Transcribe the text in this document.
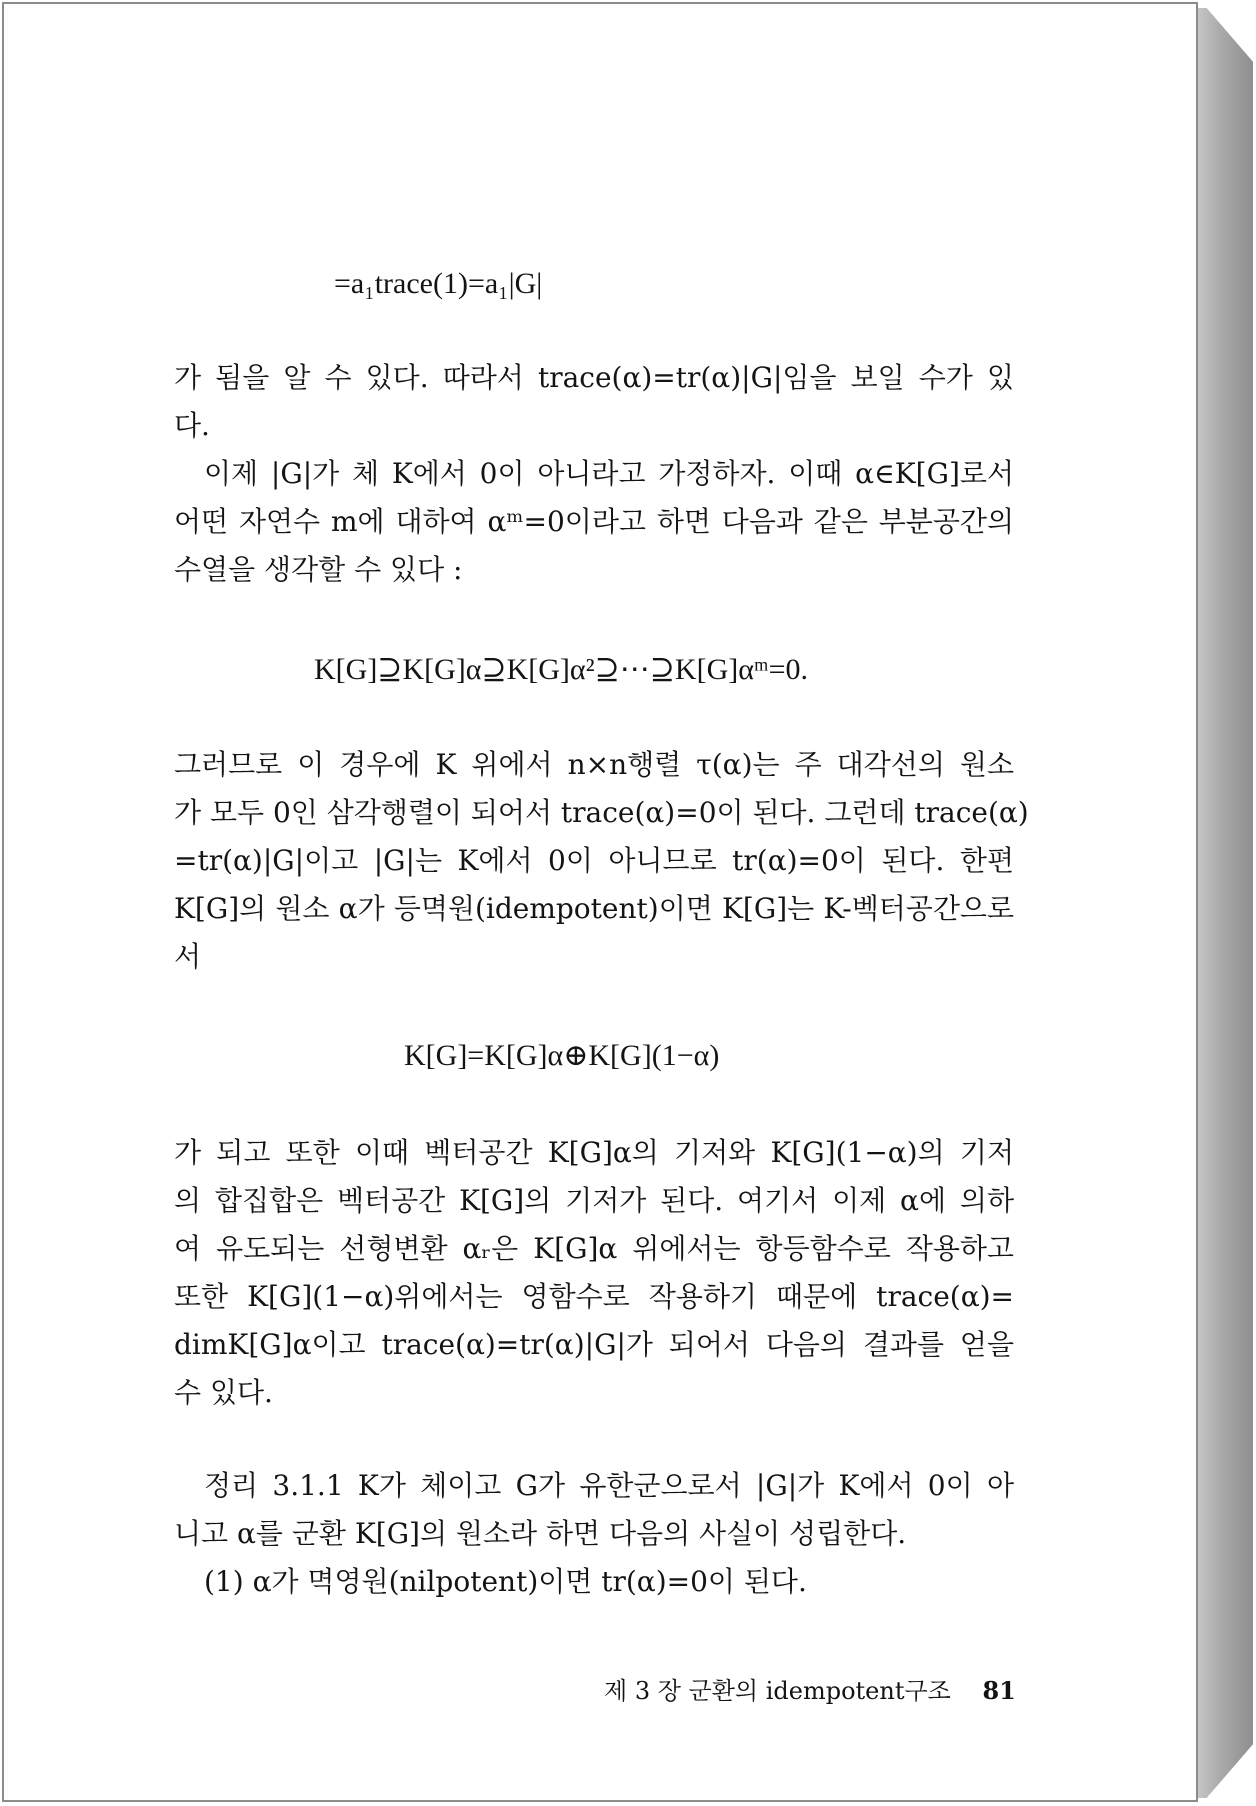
=a₁trace(1)=a₁|G|
가 됨을 알 수 있다. 따라서 trace(α)=tr(α)|G|임을 보일 수가 있
다.
이제 |G|가 체 K에서 0이 아니라고 가정하자. 이때 α∈K[G]로서
어떤 자연수 m에 대하여 αᵐ=0이라고 하면 다음과 같은 부분공간의
수열을 생각할 수 있다 :
그러므로 이 경우에 K 위에서 n×n행렬 τ(α)는 주 대각선의 원소
가 모두 0인 삼각행렬이 되어서 trace(α)=0이 된다. 그런데 trace(α)
=tr(α)|G|이고 |G|는 K에서 0이 아니므로 tr(α)=0이 된다. 한편
K[G]의 원소 α가 등멱원(idempotent)이면 K[G]는 K-벡터공간으로
서
가 되고 또한 이때 벡터공간 K[G]α의 기저와 K[G](1−α)의 기저
의 합집합은 벡터공간 K[G]의 기저가 된다. 여기서 이제 α에 의하
여 유도되는 선형변환 αᵣ은 K[G]α 위에서는 항등함수로 작용하고
또한 K[G](1−α)위에서는 영함수로 작용하기 때문에 trace(α)=
dimK[G]α이고 trace(α)=tr(α)|G|가 되어서 다음의 결과를 얻을
수 있다.
정리 3.1.1 K가 체이고 G가 유한군으로서 |G|가 K에서 0이 아
니고 α를 군환 K[G]의 원소라 하면 다음의 사실이 성립한다.
(1) α가 멱영원(nilpotent)이면 tr(α)=0이 된다.
K[G]⊇K[G]α⊇K[G]α²⊇⋯⊇K[G]αᵐ=0.
K[G]=K[G]α⊕K[G](1−α)
제 3 장 군환의 idempotent구조 81
